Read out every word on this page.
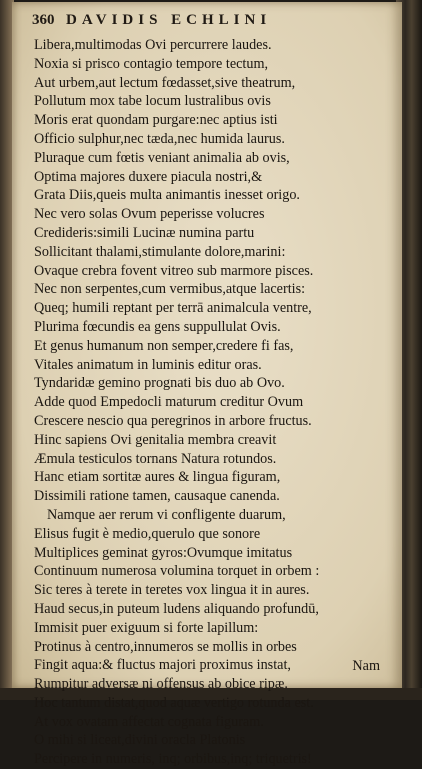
360 DAVIDIS ECHLINI
Libera,multimodas Ovi percurrere laudes.
Noxia si prisco contagio tempore tectum,
Aut urbem,aut lectum fœdasset,sive theatrum,
Pollutum mox tabe locum lustralibus ovis
Moris erat quondam purgare:nec aptius isti
Officio sulphur,nec tæda,nec humida laurus.
Pluraque cum fœtis veniant animalia ab ovis,
Optima majores duxere piacula nostri,&
Grata Diis,queis multa animantis inesset origo.
Nec vero solas Ovum peperisse volucres
Credideris:simili Lucinæ numina partu
Sollicitant thalami,stimulante dolore,marini:
Ovaque crebra fovent vitreo sub marmore pisces.
Nec non serpentes,cum vermibus,atque lacertis:
Queq; humili reptant per terrā animalcula ventre,
Plurima fœcundis ea gens suppullulat Ovis.
Et genus humanum non semper,credere fi fas,
Vitales animatum in luminis editur oras.
Tyndaridæ gemino prognati bis duo ab Ovo.
Adde quod Empedocli maturum creditur Ovum
Crescere nescio qua peregrinos in arbore fructus.
Hinc sapiens Ovi genitalia membra creavit
Æmula testiculos tornans Natura rotundos.
Hanc etiam sortitæ aures & lingua figuram,
Dissimili ratione tamen, causaque canenda.
Namque aer rerum vi confligente duarum,
Elisus fugit è medio,querulo que sonore
Multiplices geminat gyros:Ovumque imitatus
Continuum numerosa volumina torquet in orbem :
Sic teres à terete in teretes vox lingua it in aures.
Haud secus,in puteum ludens aliquando profundū,
Immisit puer exiguum si forte lapillum:
Protinus à centro,innumeros se mollis in orbes
Fingit aqua:& fluctus majori proximus instat,
Rumpitur adversæ ni offensus ab obice ripæ.
Hoc tantum distat,quod aquæ vertigo rotunda est.
At vox ovatam affectat cognata figuram.
O mihi si liceat,divini oracla Platonis
Percipere in numeris, inq; orbibus,inq; triquetris!
Nam
